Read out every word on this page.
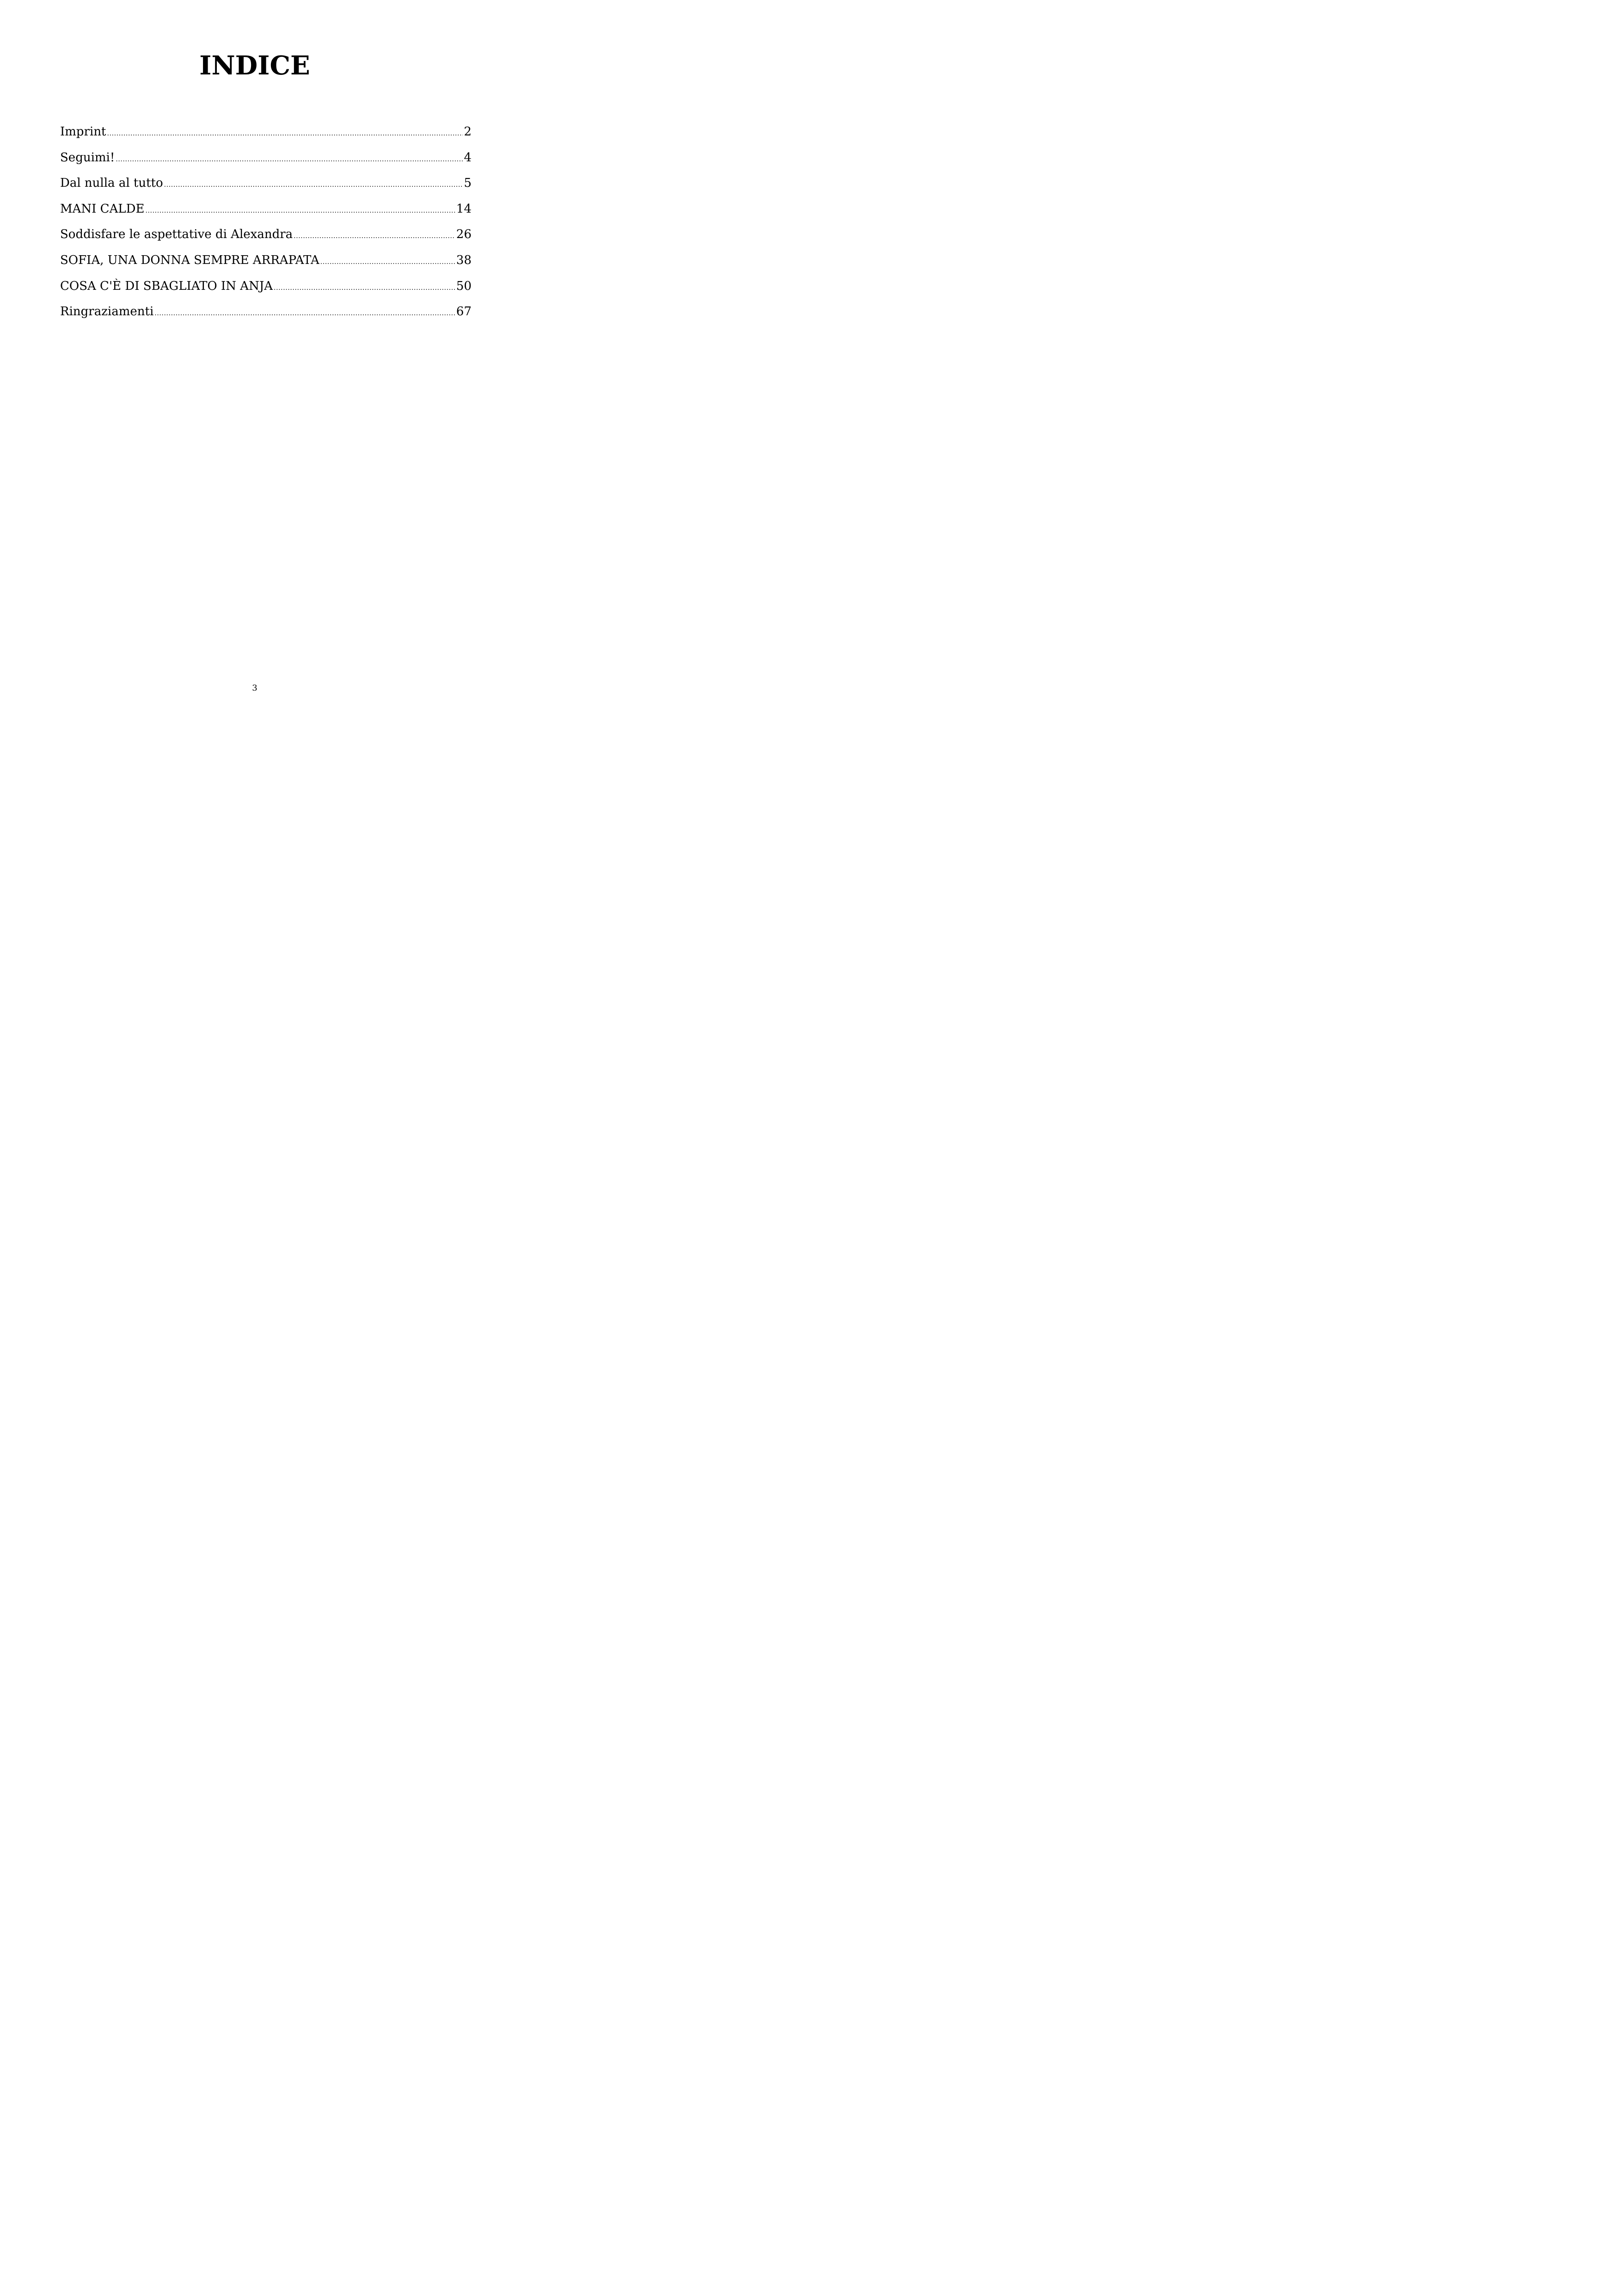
INDICE
Imprint .....	2
Seguimi! .....	4
Dal nulla al tutto .....	5
MANI CALDE .....	14
Soddisfare le aspettative di Alexandra .....	26
SOFIA, UNA DONNA SEMPRE ARRAPATA .....	38
COSA C'È DI SBAGLIATO IN ANJA .....	50
Ringraziamenti .....	67
3
